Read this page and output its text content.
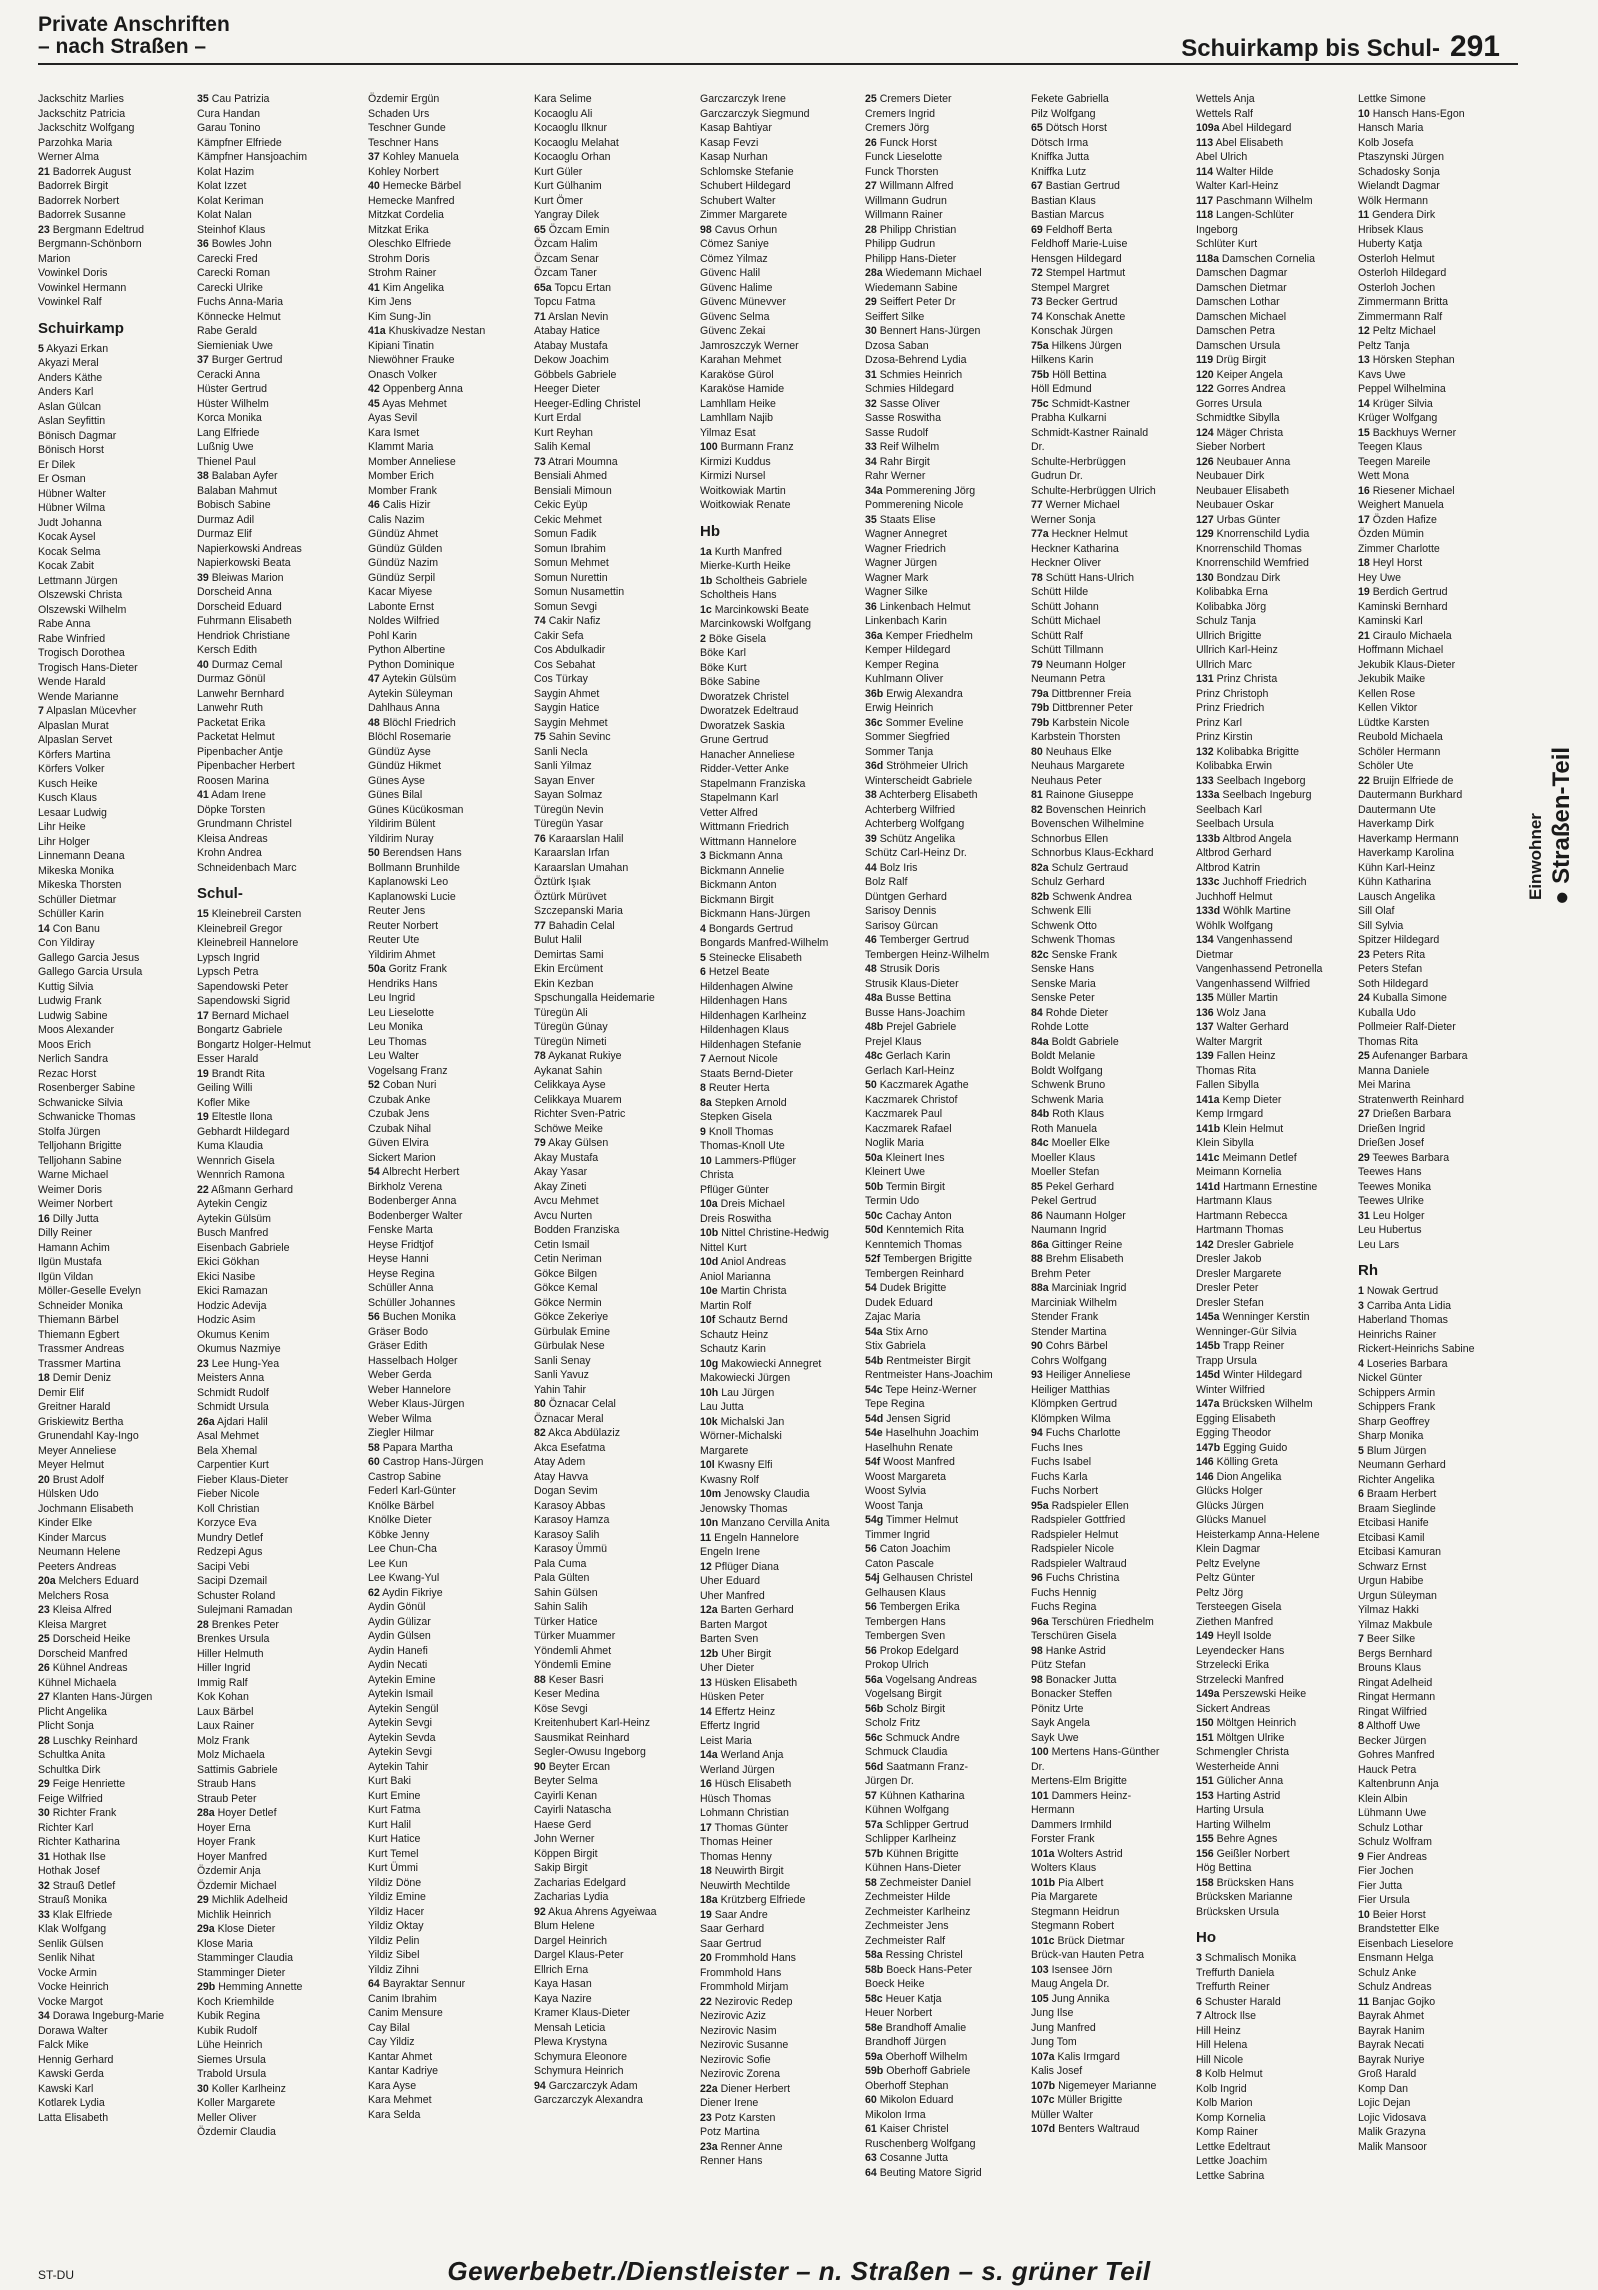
Private Anschriften
– nach Straßen –	Schuirkamp bis Schul- 291
Jackschitz Marlies
Jackschitz Patricia
Jackschitz Wolfgang
Parzohka Maria
Werner Alma
21 Badorrek August
Badorrek Birgit
Badorrek Norbert
Badorrek Susanne
23 Bergmann Edeltrud
Bergmann-Schönborn
Marion
Vowinkel Doris
Vowinkel Hermann
Vowinkel Ralf
Schuirkamp
5 Akyazi Erkan
Akyazi Meral
Anders Käthe
Anders Karl
Aslan Gülcan
Aslan Seyfittin
Bönisch Dagmar
Bönisch Horst
Er Dilek
Er Osman
Hübner Walter
Hübner Wilma
Judt Johanna
Kocak Aysel
Kocak Selma
Kocak Zabit
Lettmann Jürgen
Olszewski Christa
Olszewski Wilhelm
Rabe Anna
Rabe Winfried
Trogisch Dorothea
Trogisch Hans-Dieter
Wende Harald
Wende Marianne
7 Alpaslan Mücevher
Alpaslan Murat
Alpaslan Servet
Körfers Martina
Körfers Volker
Kusch Heike
Kusch Klaus
Lesaar Ludwig
Lihr Heike
Lihr Holger
Linnemann Deana
Mikeska Monika
Mikeska Thorsten
Schüller Dietmar
Schüller Karin
14 Con Banu
Con Yildiray
Gallego Garcia Jesus
Gallego Garcia Ursula
Kuttig Silvia
Ludwig Frank
Ludwig Sabine
Moos Alexander
Moos Erich
Nerlich Sandra
Rezac Horst
Rosenberger Sabine
Schwanicke Silvia
Schwanicke Thomas
Stolfa Jürgen
Telljohann Brigitte
Telljohann Sabine
Warne Michael
Weimer Doris
Weimer Norbert
16 Dilly Jutta
Dilly Reiner
Hamann Achim
Ilgün Mustafa
Ilgün Vildan
Möller-Geselle Evelyn
Schneider Monika
Thiemann Bärbel
Thiemann Egbert
Trassmer Andreas
Trassmer Martina
18 Demir Deniz
Demir Elif
Greitner Harald
Griskiewitz Bertha
Grunendahl Kay-Ingo
Meyer Anneliese
Meyer Helmut
20 Brust Adolf
Hülsken Udo
Jochmann Elisabeth
Kinder Elke
Kinder Marcus
Neumann Helene
Peeters Andreas
20a Melchers Eduard
Melchers Rosa
23 Kleisa Alfred
Kleisa Margret
25 Dorscheid Heike
Dorscheid Manfred
26 Kühnel Andreas
Kühnel Michaela
27 Klanten Hans-Jürgen
Plicht Angelika
Plicht Sonja
28 Luschky Reinhard
Schultka Anita
Schultka Dirk
29 Feige Henriette
Feige Wilfried
30 Richter Frank
Richter Karl
Richter Katharina
31 Hothak Ilse
Hothak Josef
32 Strauß Detlef
Strauß Monika
33 Klak Elfriede
Klak Wolfgang
Senlik Gülsen
Senlik Nihat
Vocke Armin
Vocke Heinrich
Vocke Margot
34 Dorawa Ingeburg-Marie
Dorawa Walter
Falck Mike
Hennig Gerhard
Kawski Gerda
Kawski Karl
Kotlarek Lydia
Latta Elisabeth
35 Cau Patrizia
Cura Handan
Garau Tonino
Kämpfner Elfriede
Kämpfner Hansjoachim
Kolat Hazim
Kolat Izzet
Kolat Keriman
Kolat Nalan
Steinhof Klaus
36 Bowles John
Carecki Fred
Carecki Roman
Carecki Ulrike
Fuchs Anna-Maria
Könnecke Helmut
Rabe Gerald
Siemieniak Uwe
37 Burger Gertrud
Ceracki Anna
Hüster Gertrud
Hüster Wilhelm
Korca Monika
Lang Elfriede
Lußnig Uwe
Thienel Paul
38 Balaban Ayfer
Balaban Mahmut
Bobisch Sabine
Durmaz Adil
Durmaz Elif
Napierkowski Andreas
Napierkowski Beata
39 Bleiwas Marion
Dorscheid Anna
Dorscheid Eduard
Fuhrmann Elisabeth
Hendriok Christiane
Kersch Edith
40 Durmaz Cemal
Durmaz Gönül
Lanwehr Bernhard
Lanwehr Ruth
Packetat Erika
Packetat Helmut
Pipenbacher Antje
Pipenbacher Herbert
Roosen Marina
41 Adam Irene
Döpke Torsten
Grundmann Christel
Kleisa Andreas
Krohn Andrea
Schneidenbach Marc
Schul-
15 Kleinebreil Carsten
Kleinebreil Gregor
Kleinebreil Hannelore
Lypsch Ingrid
Lypsch Petra
Sapendowski Peter
Sapendowski Sigrid
17 Bernard Michael
Bongartz Gabriele
Bongartz Holger-Helmut
Esser Harald
19 Brandt Rita
Geiling Willi
Kofler Mike
19 Eltestle Ilona
Gebhardt Hildegard
Kuma Klaudia
Wennrich Gisela
Wennrich Ramona
22 Aßmann Gerhard
Aytekin Cengiz
Aytekin Gülsüm
Busch Manfred
Eisenbach Gabriele
Ekici Gökhan
Ekici Nasibe
Ekici Ramazan
Hodzic Adevija
Hodzic Asim
Okumus Kenim
Okumus Nazmiye
23 Lee Hung-Yea
Meisters Anna
Schmidt Rudolf
Schmidt Ursula
26a Ajdari Halil
Asal Mehmet
Bela Xhemal
Carpentier Kurt
Fieber Klaus-Dieter
Fieber Nicole
Koll Christian
Korzyce Eva
Mundry Detlef
Redzepi Agus
Sacipi Vebi
Sacipi Dzemail
Schuster Roland
Sulejmani Ramadan
28 Brenkes Peter
Brenkes Ursula
Hiller Helmuth
Hiller Ingrid
Immig Ralf
Kok Kohan
Laux Bärbel
Laux Rainer
Molz Frank
Molz Michaela
Sattimis Gabriele
Straub Hans
Straub Peter
28a Hoyer Detlef
Hoyer Erna
Hoyer Frank
Hoyer Manfred
Özdemir Anja
Özdemir Michael
29 Michlik Adelheid
Michlik Heinrich
29a Klose Dieter
Klose Maria
Stamminger Claudia
Stamminger Dieter
29b Hemming Annette
Koch Kriemhilde
Kubik Regina
Kubik Rudolf
Lühe Heinrich
Siemes Ursula
Trabold Ursula
30 Koller Karlheinz
Koller Margarete
Meller Oliver
Özdemir Claudia
Özdemir Ergün
Schaden Urs
Teschner Gunde
Teschner Hans
37 Kohley Manuela
Kohley Norbert
40 Hemecke Bärbel
Hemecke Manfred
Mitzkat Cordelia
Mitzkat Erika
Oleschko Elfriede
Strohm Doris
Strohm Rainer
41 Kim Angelika
Kim Jens
Kim Sung-Jin
41a Khuskivadze Nestan
Kipiani Tinatin
Niewöhner Frauke
Onasch Volker
42 Oppenberg Anna
45 Ayas Mehmet
Ayas Sevil
Kara Ismet
Klammt Maria
Momber Anneliese
Momber Erich
Momber Frank
46 Calis Hizir
Calis Nazim
Gündüz Ahmet
Gündüz Gülden
Gündüz Nazim
Gündüz Serpil
Kacar Miyese
Labonte Ernst
Noldes Wilfried
Pohl Karin
Python Albertine
Python Dominique
47 Aytekin Gülsüm
Aytekin Süleyman
Dahlhaus Anna
48 Blöchl Friedrich
Blöchl Rosemarie
Gündüz Ayse
Gündüz Hikmet
Günes Ayse
Günes Bilal
Günes Kücükosman
Yildirim Bülent
Yildirim Nuray
50 Berendsen Hans
Bollmann Brunhilde
Kaplanowski Leo
Kaplanowski Lucie
Reuter Jens
Reuter Norbert
Reuter Ute
Yildirim Ahmet
50a Goritz Frank
Hendriks Hans
Leu Ingrid
Leu Lieselotte
Leu Monika
Leu Thomas
Leu Walter
Vogelsang Franz
52 Coban Nuri
Czubak Anke
Czubak Jens
Czubak Nihal
Güven Elvira
Sickert Marion
54 Albrecht Herbert
Birkholz Verena
Bodenberger Anna
Bodenberger Walter
Fenske Marta
Heyse Fridtjof
Heyse Hanni
Heyse Regina
Schüller Anna
Schüller Johannes
56 Buchen Monika
Gräser Bodo
Gräser Edith
Hasselbach Holger
Weber Gerda
Weber Hannelore
Weber Klaus-Jürgen
Weber Wilma
Ziegler Hilmar
58 Papara Martha
60 Castrop Hans-Jürgen
Castrop Sabine
Federl Karl-Günter
Knölke Bärbel
Knölke Dieter
Köbke Jenny
Lee Chun-Cha
Lee Kun
Lee Kwang-Yul
62 Aydin Fikriye
Aydin Gönül
Aydin Gülizar
Aydin Gülsen
Aydin Hanefi
Aydin Necati
Aytekin Emine
Aytekin Ismail
Aytekin Sengül
Aytekin Sevgi
Aytekin Sevda
Aytekin Sevgi
Aytekin Tahir
Kurt Baki
Kurt Emine
Kurt Fatma
Kurt Halil
Kurt Hatice
Kurt Temel
Kurt Ümmi
Yildiz Döne
Yildiz Emine
Yildiz Hacer
Yildiz Oktay
Yildiz Pelin
Yildiz Sibel
Yildiz Zihni
64 Bayraktar Sennur
Canim Ibrahim
Canim Mensure
Cay Bilal
Cay Yildiz
Kantar Ahmet
Kantar Kadriye
Kara Ayse
Kara Mehmet
Kara Selda
Kara Selime
Kocaoglu Ali
Kocaoglu Ilknur
Kocaoglu Melahat
Kocaoglu Orhan
Kurt Güler
Kurt Gülhanim
Kurt Ömer
Yangray Dilek
65 Özcam Emin
Özcam Halim
Özcam Senar
Özcam Taner
65a Topcu Ertan
Topcu Fatma
71 Arslan Nevin
Atabay Hatice
Atabay Mustafa
Dekow Joachim
Göbbels Gabriele
Heeger Dieter
Heeger-Edling Christel
Kurt Erdal
Kurt Reyhan
Salih Kemal
73 Atrari Moumna
Bensiali Ahmed
Bensiali Mimoun
Cekic Eyüp
Cekic Mehmet
Somun Fadik
Somun Ibrahim
Somun Mehmet
Somun Nurettin
Somun Nusamettin
Somun Sevgi
74 Cakir Nafiz
Cakir Sefa
Cos Abdulkadir
Cos Sebahat
Cos Türkay
Saygin Ahmet
Saygin Hatice
Saygin Mehmet
75 Sahin Sevinc
Sanli Necla
Sanli Yilmaz
Sayan Enver
Sayan Solmaz
Türegün Nevin
Türegün Yasar
76 Karaarslan Halil
Karaarslan Irfan
Karaarslan Umahan
Öztürk Işıak
Öztürk Mürüvet
Szczepanski Maria
77 Bahadin Celal
Bulut Halil
Demirtas Sami
Ekin Ercüment
Ekin Kezban
Spschungalla Heidemarie
Türegün Ali
Türegün Günay
Türegün Nimeti
78 Aykanat Rukiye
Aykanat Sahin
Celikkaya Ayse
Celikkaya Muarem
Richter Sven-Patric
Schöwe Meike
79 Akay Gülsen
Akay Mustafa
Akay Yasar
Akay Zineti
Avcu Mehmet
Avcu Nurten
Bodden Franziska
Cetin Ismail
Cetin Neriman
Gökce Bilgen
Gökce Kemal
Gökce Nermin
Gökce Zekeriye
Gürbulak Emine
Gürbulak Nese
Sanli Senay
Sanli Yavuz
Yahin Tahir
80 Öznacar Celal
Öznacar Meral
82 Akca Abdülaziz
Akca Esefatma
Atay Adem
Atay Havva
Dogan Sevim
Karasoy Abbas
Karasoy Hamza
Karasoy Salih
Karasoy Ümmü
Pala Cuma
Pala Gülten
Sahin Gülsen
Sahin Salih
Türker Hatice
Türker Muammer
Yöndemli Ahmet
Yöndemli Emine
88 Keser Basri
Keser Medina
Köse Sevgi
Kreitenhubert Karl-Heinz
Sausmikat Reinhard
Segler-Owusu Ingeborg
90 Beyter Ercan
Beyter Selma
Cayirli Kenan
Cayirli Natascha
Haese Gerd
John Werner
Köppen Birgit
Sakip Birgit
Zacharias Edelgard
Zacharias Lydia
92 Akua Ahrens Agyeiwaa
Blum Helene
Dargel Heinrich
Dargel Klaus-Peter
Ellrich Erna
Kaya Hasan
Kaya Nazire
Kramer Klaus-Dieter
Mensah Leticia
Plewa Krystyna
Schymura Eleonore
Schymura Heinrich
94 Garczarczyk Adam
Garczarczyk Alexandra
Garczarczyk Irene
Garczarczyk Siegmund
Kasap Bahtiyar
Kasap Fevzi
Kasap Nurhan
Schlomske Stefanie
Schubert Hildegard
Schubert Walter
Zimmer Margarete
98 Cavus Orhun
Cömez Saniye
Cömez Yilmaz
Güvenc Halil
Güvenc Halime
Güvenc Münevver
Güvenc Selma
Güvenc Zekai
Jamroszczyk Werner
Karahan Mehmet
Karaköse Gürol
Karaköse Hamide
Lamhllam Heike
Lamhllam Najib
Yilmaz Esat
100 Burmann Franz
Kirmizi Kuddus
Kirmizi Nursel
Woitkowiak Martin
Woitkowiak Renate
Hb
1a Kurth Manfred
Mierke-Kurth Heike
1b Scholtheis Gabriele
Scholtheis Hans
1c Marcinkowski Beate
Marcinkowski Wolfgang
2 Böke Gisela
Böke Karl
Böke Kurt
Böke Sabine
Dworatzek Christel
Dworatzek Edeltraud
Dworatzek Saskia
Grune Gertrud
Hanacher Anneliese
Ridder-Vetter Anke
Stapelmann Franziska
Stapelmann Karl
Vetter Alfred
Wittmann Friedrich
Wittmann Hannelore
3 Bickmann Anna
Bickmann Annelie
Bickmann Anton
Bickmann Birgit
Bickmann Hans-Jürgen
4 Bongards Gertrud
Bongards Manfred-Wilhelm
5 Steinecke Elisabeth
6 Hetzel Beate
Hildenhagen Alwine
Hildenhagen Hans
Hildenhagen Karlheinz
Hildenhagen Klaus
Hildenhagen Stefanie
7 Aernout Nicole
Staats Bernd-Dieter
8 Reuter Herta
8a Stepken Arnold
Stepken Gisela
9 Knoll Thomas
Thomas-Knoll Ute
10 Lammers-Pflüger
Christa
Pflüger Günter
10a Dreis Michael
Dreis Roswitha
10b Nittel Christine-Hedwig
Nittel Kurt
10d Aniol Andreas
Aniol Marianna
10e Martin Christa
Martin Rolf
10f Schautz Bernd
Schautz Heinz
Schautz Karin
10g Makowiecki Annegret
Makowiecki Jürgen
10h Lau Jürgen
Lau Jutta
10k Michalski Jan
Wörner-Michalski
Margarete
10l Kwasny Elfi
Kwasny Rolf
10m Jenowsky Claudia
Jenowsky Thomas
10n Manzano Cervilla Anita
11 Engeln Hannelore
Engeln Irene
12 Pflüger Diana
Uher Eduard
Uher Manfred
12a Barten Gerhard
Barten Margot
Barten Sven
12b Uher Birgit
Uher Dieter
13 Hüsken Elisabeth
Hüsken Peter
14 Effertz Heinz
Effertz Ingrid
Leist Maria
14a Werland Anja
Werland Jürgen
16 Hüsch Elisabeth
Hüsch Thomas
Lohmann Christian
17 Thomas Günter
Thomas Heiner
Thomas Henny
18 Neuwirth Birgit
Neuwirth Mechtilde
18a Krützberg Elfriede
19 Saar Andre
Saar Gerhard
Saar Gertrud
20 Frommhold Hans
Frommhold Hans
Frommhold Mirjam
22 Nezirovic Redep
Nezirovic Aziz
Nezirovic Nasim
Nezirovic Susanne
Nezirovic Sofie
Nezirovic Zorena
22a Diener Herbert
Diener Irene
23 Potz Karsten
Potz Martina
23a Renner Anne
Renner Hans
25 Cremers Dieter
Cremers Ingrid
Cremers Jörg
26 Funck Horst
Funck Lieselotte
Funck Thorsten
27 Willmann Alfred
Willmann Gudrun
Willmann Rainer
28 Philipp Christian
Philipp Gudrun
Philipp Hans-Dieter
28a Wiedemann Michael
Wiedemann Sabine
29 Seiffert Peter Dr
Seiffert Silke
30 Bennert Hans-Jürgen
Dzosa Saban
Dzosa-Behrend Lydia
31 Schmies Heinrich
Schmies Hildegard
32 Sasse Oliver
Sasse Roswitha
Sasse Rudolf
33 Reif Wilhelm
34 Rahr Birgit
Rahr Werner
34a Pommerening Jörg
Pommerening Nicole
35 Staats Elise
Wagner Annegret
Wagner Friedrich
Wagner Jürgen
Wagner Mark
Wagner Silke
36 Linkenbach Helmut
Linkenbach Karin
36a Kemper Friedhelm
Kemper Hildegard
Kemper Regina
Kuhlmann Oliver
36b Erwig Alexandra
Erwig Heinrich
36c Sommer Eveline
Sommer Siegfried
Sommer Tanja
36d Ströhmeier Ulrich
Winterscheidt Gabriele
38 Achterberg Elisabeth
Achterberg Wilfried
Achterberg Wolfgang
39 Schütz Angelika
Schütz Carl-Heinz Dr.
44 Bolz Iris
Bolz Ralf
Düntgen Gerhard
Sarisoy Dennis
Sarisoy Gürcan
46 Temberger Gertrud
Tembergen Heinz-Wilhelm
48 Strusik Doris
Strusik Klaus-Dieter
48a Busse Bettina
Busse Hans-Joachim
48b Prejel Gabriele
Prejel Klaus
48c Gerlach Karin
Gerlach Karl-Heinz
50 Kaczmarek Agathe
Kaczmarek Christof
Kaczmarek Paul
Kaczmarek Rafael
Noglik Maria
50a Kleinert Ines
Kleinert Uwe
50b Termin Birgit
Termin Udo
50c Cachay Anton
50d Kenntemich Rita
Kenntemich Thomas
52f Tembergen Brigitte
Tembergen Reinhard
54 Dudek Brigitte
Dudek Eduard
Zajac Maria
54a Stix Arno
Stix Gabriela
54b Rentmeister Birgit
Rentmeister Hans-Joachim
54c Tepe Heinz-Werner
Tepe Regina
54d Jensen Sigrid
54e Haselhuhn Joachim
Haselhuhn Renate
54f Woost Manfred
Woost Margareta
Woost Sylvia
Woost Tanja
54g Timmer Helmut
Timmer Ingrid
56 Caton Joachim
Caton Pascale
54j Gelhausen Christel
Gelhausen Klaus
56 Tembergen Erika
Tembergen Hans
Tembergen Sven
56 Prokop Edelgard
Prokop Ulrich
56a Vogelsang Andreas
Vogelsang Birgit
56b Scholz Birgit
Scholz Fritz
56c Schmuck Andre
Schmuck Claudia
56d Saatmann Franz-
Jürgen Dr.
57 Kühnen Katharina
Kühnen Wolfgang
57a Schlipper Gertrud
Schlipper Karlheinz
57b Kühnen Brigitte
Kühnen Hans-Dieter
58 Zechmeister Daniel
Zechmeister Hilde
Zechmeister Karlheinz
Zechmeister Jens
Zechmeister Ralf
58a Ressing Christel
58b Boeck Hans-Peter
Boeck Heike
58c Heuer Katja
Heuer Norbert
58e Brandhoff Amalie
Brandhoff Jürgen
59a Oberhoff Wilhelm
59b Oberhoff Gabriele
Oberhoff Stephan
60 Mikolon Eduard
Mikolon Irma
61 Kaiser Christel
Ruschenberg Wolfgang
63 Cosanne Jutta
64 Beuting Matore Sigrid
Fekete Gabriella
Pilz Wolfgang
65 Dötsch Horst
Dötsch Irma
Kniffka Jutta
Kniffka Lutz
67 Bastian Gertrud
Bastian Klaus
Bastian Marcus
69 Feldhoff Berta
Feldhoff Marie-Luise
Hensgen Hildegard
72 Stempel Hartmut
Stempel Margret
73 Becker Gertrud
74 Konschak Anette
Konschak Jürgen
75a Hilkens Jürgen
Hilkens Karin
75b Höll Bettina
Höll Edmund
75c Schmidt-Kastner
Prabha Kulkarni
Schmidt-Kastner Rainald
Dr.
Schulte-Herbrüggen
Gudrun Dr.
Schulte-Herbrüggen Ulrich
77 Werner Michael
Werner Sonja
77a Heckner Helmut
Heckner Katharina
Heckner Oliver
78 Schütt Hans-Ulrich
Schütt Hilde
Schütt Johann
Schütt Michael
Schütt Ralf
Schütt Tillmann
79 Neumann Holger
Neumann Petra
79a Dittbrenner Freia
79b Dittbrenner Peter
79b Karbstein Nicole
Karbstein Thorsten
80 Neuhaus Elke
Neuhaus Margarete
Neuhaus Peter
81 Rainone Giuseppe
82 Bovenschen Heinrich
Bovenschen Wilhelmine
Schnorbus Ellen
Schnorbus Klaus-Eckhard
82a Schulz Gertraud
Schulz Gerhard
82b Schwenk Andrea
Schwenk Elli
Schwenk Otto
Schwenk Thomas
82c Senske Frank
Senske Hans
Senske Maria
Senske Peter
84 Rohde Dieter
Rohde Lotte
84a Boldt Gabriele
Boldt Melanie
Boldt Wolfgang
Schwenk Bruno
Schwenk Maria
84b Roth Klaus
Roth Manuela
84c Moeller Elke
Moeller Klaus
Moeller Stefan
85 Pekel Gerhard
Pekel Gertrud
86 Naumann Holger
Naumann Ingrid
86a Gittinger Reine
88 Brehm Elisabeth
Brehm Peter
88a Marciniak Ingrid
Marciniak Wilhelm
Stender Frank
Stender Martina
90 Cohrs Bärbel
Cohrs Wolfgang
93 Heiliger Anneliese
Heiliger Matthias
Klömpken Gertrud
Klömpken Wilma
94 Fuchs Charlotte
Fuchs Ines
Fuchs Isabel
Fuchs Karla
Fuchs Norbert
95a Radspieler Ellen
Radspieler Gottfried
Radspieler Helmut
Radspieler Nicole
Radspieler Waltraud
96 Fuchs Christina
Fuchs Hennig
Fuchs Regina
96a Terschüren Friedhelm
Terschüren Gisela
98 Hanke Astrid
Pütz Stefan
98 Bonacker Jutta
Bonacker Steffen
Pönitz Urte
Sayk Angela
Sayk Uwe
100 Mertens Hans-Günther
Dr.
Mertens-Elm Brigitte
101 Dammers Heinz-
Hermann
Dammers Irmhild
Forster Frank
101a Wolters Astrid
Wolters Klaus
101b Pia Albert
Pia Margarete
Stegmann Heidrun
Stegmann Robert
101c Brück Dietmar
Brück-van Hauten Petra
103 Isensee Jörn
Maug Angela Dr.
105 Jung Annika
Jung Ilse
Jung Manfred
Jung Tom
107a Kalis Irmgard
Kalis Josef
107b Nigemeyer Marianne
107c Müller Brigitte
Müller Walter
107d Benters Waltraud
Wettels Anja
Wettels Ralf
109a Abel Hildegard
113 Abel Elisabeth
Abel Ulrich
114 Walter Hilde
Walter Karl-Heinz
117 Paschmann Wilhelm
118 Langen-Schlüter
Ingeborg
Schlüter Kurt
118a Damschen Cornelia
Damschen Dagmar
Damschen Dietmar
Damschen Lothar
Damschen Michael
Damschen Petra
Damschen Ursula
119 Drüg Birgit
120 Keiper Angela
122 Gorres Andrea
Gorres Ursula
Schmidtke Sibylla
124 Mäger Christa
Sieber Norbert
126 Neubauer Anna
Neubauer Dirk
Neubauer Elisabeth
Neubauer Oskar
127 Urbas Günter
129 Knorrenschild Lydia
Knorrenschild Thomas
Knorrenschild Wemfried
130 Bondzau Dirk
Kolibabka Erna
Kolibabka Jörg
Schulz Tanja
Ullrich Brigitte
Ullrich Karl-Heinz
Ullrich Marc
131 Prinz Christa
Prinz Christoph
Prinz Friedrich
Prinz Karl
Prinz Kirstin
132 Kolibabka Brigitte
Kolibabka Erwin
133 Seelbach Ingeborg
133a Seelbach Ingeburg
Seelbach Karl
Seelbach Ursula
133b Altbrod Angela
Altbrod Gerhard
Altbrod Katrin
133c Juchhoff Friedrich
Juchhoff Helmut
133d Wöhlk Martine
Wöhlk Wolfgang
134 Vangenhassend
Dietmar
Vangenhassend Petronella
Vangenhassend Wilfried
135 Müller Martin
136 Wolz Jana
137 Walter Gerhard
Walter Margrit
139 Fallen Heinz
Thomas Rita
Fallen Sibylla
141a Kemp Dieter
Kemp Irmgard
141b Klein Helmut
Klein Sibylla
141c Meimann Detlef
Meimann Kornelia
141d Hartmann Ernestine
Hartmann Klaus
Hartmann Rebecca
Hartmann Thomas
142 Dresler Gabriele
Dresler Jakob
Dresler Margarete
Dresler Peter
Dresler Stefan
145a Wenninger Kerstin
Wenninger-Gür Silvia
145b Trapp Reiner
Trapp Ursula
145d Winter Hildegard
Winter Wilfried
147a Brücksken Wilhelm
Egging Elisabeth
Egging Theodor
147b Egging Guido
146 Kölling Greta
146 Dion Angelika
Glücks Holger
Glücks Jürgen
Glücks Manuel
Heisterkamp Anna-Helene
Klein Dagmar
Peltz Evelyne
Peltz Günter
Peltz Jörg
Tersteegen Gisela
Ziethen Manfred
149 Heyll Isolde
Leyendecker Hans
Strzelecki Erika
Strzelecki Manfred
149a Perszewski Heike
Sickert Andreas
150 Möltgen Heinrich
151 Möltgen Ulrike
Schmengler Christa
Westerheide Anni
151 Gülicher Anna
153 Harting Astrid
Harting Ursula
Harting Wilhelm
155 Behre Agnes
156 Geißler Norbert
Hög Bettina
158 Brücksken Hans
Brücksken Marianne
Brücksken Ursula
Ho
3 Schmalisch Monika
Treffurth Daniela
Treffurth Reiner
6 Schuster Harald
7 Altrock Ilse
Hill Heinz
Hill Helena
Hill Nicole
8 Kolb Helmut
Kolb Ingrid
Kolb Marion
Komp Kornelia
Komp Rainer
Lettke Edeltraut
Lettke Joachim
Lettke Sabrina
Lettke Simone
10 Hansch Hans-Egon
Hansch Maria
Kolb Josefa
Ptaszynski Jürgen
Schadosky Sonja
Wielandt Dagmar
Wölk Hermann
11 Gendera Dirk
Hribsek Klaus
Huberty Katja
Osterloh Helmut
Osterloh Hildegard
Osterloh Jochen
Zimmermann Britta
Zimmermann Ralf
12 Peltz Michael
Peltz Tanja
13 Hörsken Stephan
Kavs Uwe
Peppel Wilhelmina
14 Krüger Silvia
Krüger Wolfgang
15 Backhuys Werner
Teegen Klaus
Teegen Mareile
Wett Mona
16 Riesener Michael
Weighert Manuela
17 Özden Hafize
Özden Mümin
Zimmer Charlotte
18 Heyl Horst
Hey Uwe
19 Berdich Gertrud
Kaminski Bernhard
Kaminski Karl
21 Ciraulo Michaela
Hoffmann Michael
Jekubik Klaus-Dieter
Jekubik Maike
Kellen Rose
Kellen Viktor
Lüdtke Karsten
Reubold Michaela
Schöler Hermann
Schöler Ute
22 Bruijn Elfriede de
Dautermann Burkhard
Dautermann Ute
Haverkamp Dirk
Haverkamp Hermann
Haverkamp Karolina
Kühn Karl-Heinz
Kühn Katharina
Lausch Angelika
Sill Olaf
Sill Sylvia
Spitzer Hildegard
23 Peters Rita
Peters Stefan
Soth Hildegard
24 Kuballa Simone
Kuballa Udo
Pollmeier Ralf-Dieter
Thomas Rita
25 Aufenanger Barbara
Manna Daniele
Mei Marina
Stratenwerth Reinhard
27 Drießen Barbara
Drießen Ingrid
Drießen Josef
29 Teewes Barbara
Teewes Hans
Teewes Monika
Teewes Ulrike
31 Leu Holger
Leu Hubertus
Leu Lars
Rh
1 Nowak Gertrud
3 Carriba Anta Lidia
Haberland Thomas
Heinrichs Rainer
Rickert-Heinrichs Sabine
4 Loseries Barbara
Nickel Günter
Schippers Armin
Schippers Frank
Sharp Geoffrey
Sharp Monika
5 Blum Jürgen
Neumann Gerhard
Richter Angelika
6 Braam Herbert
Braam Sieglinde
Etcibasi Hanife
Etcibasi Kamil
Etcibasi Kamuran
Schwarz Ernst
Urgun Habibe
Urgun Süleyman
Yilmaz Hakki
Yilmaz Makbule
7 Beer Silke
Bergs Bernhard
Brouns Klaus
Ringat Adelheid
Ringat Hermann
Ringat Wilfried
8 Althoff Uwe
Becker Jürgen
Gohres Manfred
Hauck Petra
Kaltenbrunn Anja
Klein Albin
Lühmann Uwe
Schulz Lothar
Schulz Wolfram
9 Fier Andreas
Fier Jochen
Fier Jutta
Fier Ursula
10 Beier Horst
Brandstetter Elke
Eisenbach Lieselore
Ensmann Helga
Schulz Anke
Schulz Andreas
11 Banjac Gojko
Bayrak Ahmet
Bayrak Hanim
Bayrak Necati
Bayrak Nuriye
Groß Harald
Komp Dan
Lojic Dejan
Lojic Vidosava
Malik Grazyna
Malik Mansoor
Einwohner ● Straßen-Teil
ST-DU	Gewerbebetr./Dienstleister – n. Straßen – s. grüner Teil
